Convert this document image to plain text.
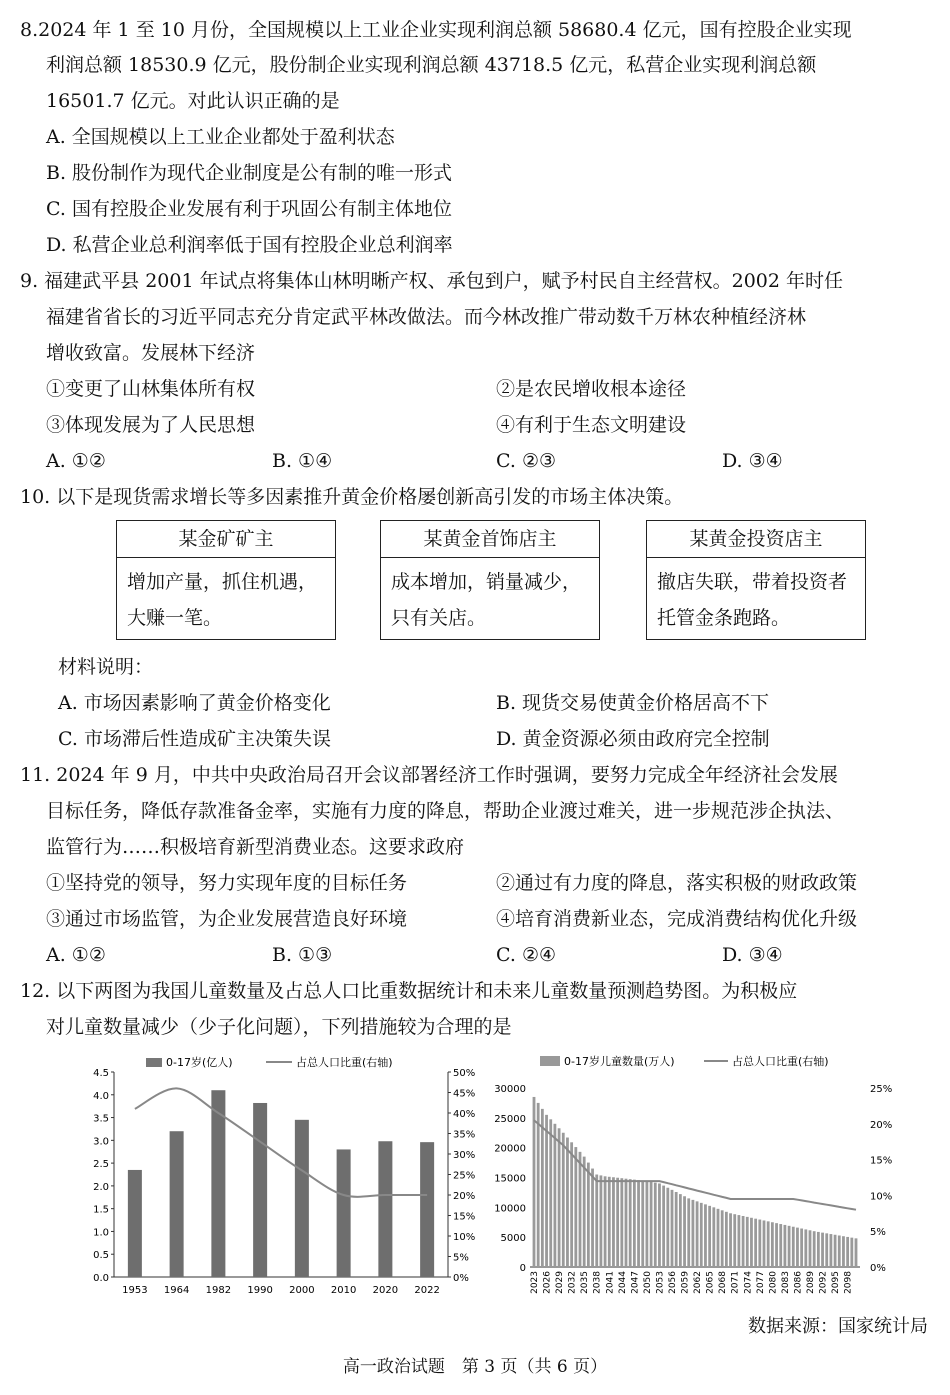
8.2024 年 1 至 10 月份，全国规模以上工业企业实现利润总额 58680.4 亿元，国有控股企业实现
利润总额 18530.9 亿元，股份制企业实现利润总额 43718.5 亿元，私营企业实现利润总额
16501.7 亿元。对此认识正确的是
A. 全国规模以上工业企业都处于盈利状态
B. 股份制作为现代企业制度是公有制的唯一形式
C. 国有控股企业发展有利于巩固公有制主体地位
D. 私营企业总利润率低于国有控股企业总利润率
9. 福建武平县 2001 年试点将集体山林明晰产权、承包到户，赋予村民自主经营权。2002 年时任
福建省省长的习近平同志充分肯定武平林改做法。而今林改推广带动数千万林农种植经济林
增收致富。发展林下经济
①变更了山林集体所有权	②是农民增收根本途径
③体现发展为了人民思想	④有利于生态文明建设
A. ①②	B. ①④	C. ②③	D. ③④
10. 以下是现货需求增长等多因素推升黄金价格屡创新高引发的市场主体决策。
某金矿矿主
增加产量，抓住机遇，大赚一笔。
某黄金首饰店主
成本增加，销量减少，只有关店。
某黄金投资店主
撤店失联，带着投资者托管金条跑路。
材料说明：
A. 市场因素影响了黄金价格变化	B. 现货交易使黄金价格居高不下
C. 市场滞后性造成矿主决策失误	D. 黄金资源必须由政府完全控制
11. 2024 年 9 月，中共中央政治局召开会议部署经济工作时强调，要努力完成全年经济社会发展
目标任务，降低存款准备金率，实施有力度的降息，帮助企业渡过难关，进一步规范涉企执法、
监管行为……积极培育新型消费业态。这要求政府
①坚持党的领导，努力实现年度的目标任务	②通过有力度的降息，落实积极的财政政策
③通过市场监管，为企业发展营造良好环境	④培育消费新业态，完成消费结构优化升级
A. ①②	B. ①③	C. ②④	D. ③④
12. 以下两图为我国儿童数量及占总人口比重数据统计和未来儿童数量预测趋势图。为积极应
对儿童数量减少（少子化问题），下列措施较为合理的是
0-17岁(亿人)	占总人口比重(右轴)
4.5
4.0
3.5
3.0
2.5
2.0
1.5
1.0
0.5
0.0
50%
45%
40%
35%
30%
25%
20%
15%
10%
5%
0%
1953 1964 1982 1990 2000 2010 2020 2022
0-17岁儿童数量(万人)	占总人口比重(右轴)
30000
25000
20000
15000
10000
5000
0
25%
20%
15%
10%
5%
0%
2023 2026 2029 2032 2035 2038 2041 2044 2047 2050 2053 2056 2059 2062 2065 2068 2071 2074 2077 2080 2083 2086 2089 2092 2095 2098
数据来源：国家统计局
高一政治试题　第 3 页（共 6 页）
